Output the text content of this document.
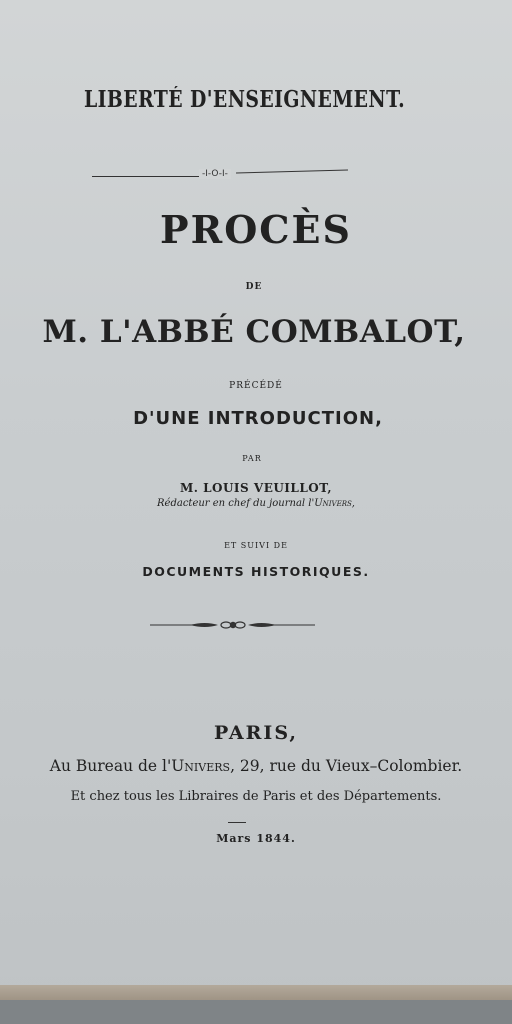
LIBERTÉ D'ENSEIGNEMENT.
-I-O-I-
PROCÈS
DE
M. L'ABBÉ COMBALOT,
PRÉCÉDÉ
D'UNE INTRODUCTION,
PAR
M. LOUIS VEUILLOT,
Rédacteur en chef du journal l'Univers,
ET SUIVI DE
DOCUMENTS HISTORIQUES.
PARIS,
Au Bureau de l'Univers, 29, rue du Vieux–Colombier.
Et chez tous les Libraires de Paris et des Départements.
Mars 1844.
